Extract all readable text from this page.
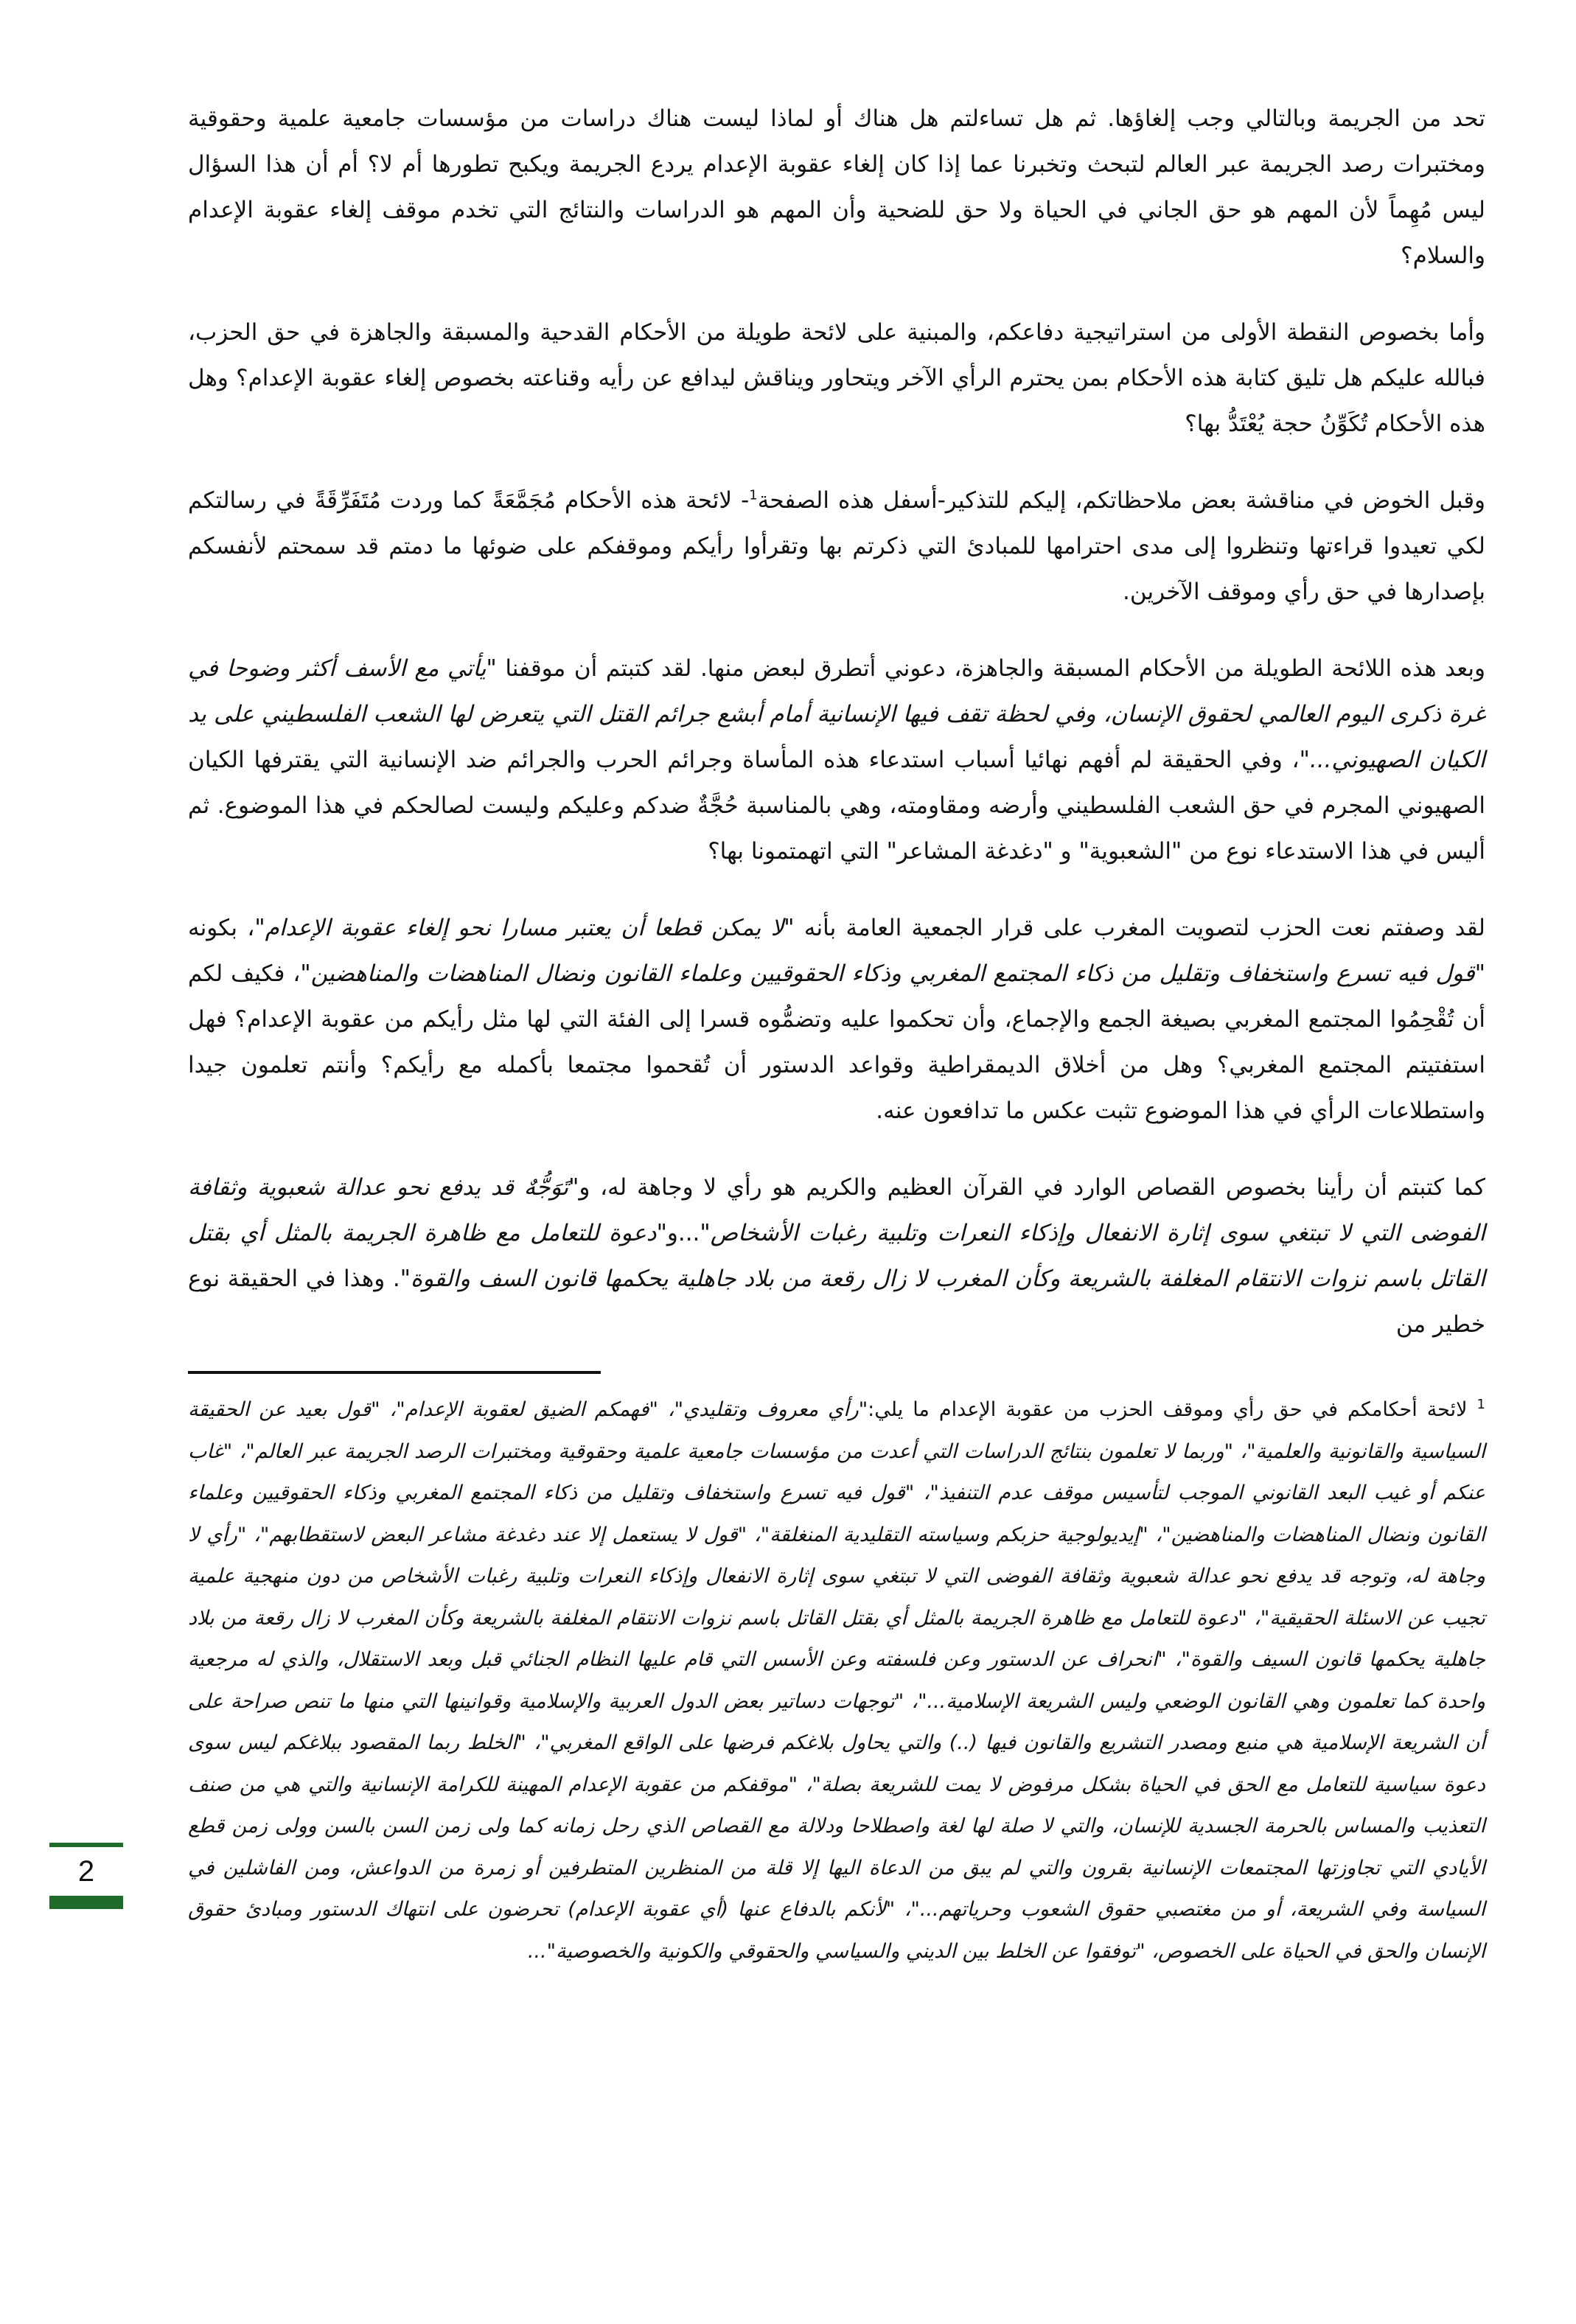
تحد من الجريمة وبالتالي وجب إلغاؤها. ثم هل تساءلتم هل هناك أو لماذا ليست هناك دراسات من مؤسسات جامعية علمية وحقوقية ومختبرات رصد الجريمة عبر العالم لتبحث وتخبرنا عما إذا كان إلغاء عقوبة الإعدام يردع الجريمة ويكبح تطورها أم لا؟ أم أن هذا السؤال ليس مُهِماً لأن المهم هو حق الجاني في الحياة ولا حق للضحية وأن المهم هو الدراسات والنتائج التي تخدم موقف إلغاء عقوبة الإعدام والسلام؟

وأما بخصوص النقطة الأولى من استراتيجية دفاعكم، والمبنية على لائحة طويلة من الأحكام القدحية والمسبقة والجاهزة في حق الحزب، فبالله عليكم هل تليق كتابة هذه الأحكام بمن يحترم الرأي الآخر ويتحاور ويناقش ليدافع عن رأيه وقناعته بخصوص إلغاء عقوبة الإعدام؟ وهل هذه الأحكام تُكَوِّنُ حجة يُعْتَدُّ بها؟

وقبل الخوض في مناقشة بعض ملاحظاتكم، إليكم للتذكير-أسفل هذه الصفحة$^1$- لائحة هذه الأحكام مُجَمَّعَةً كما وردت مُتَفَرِّقَةً في رسالتكم لكي تعيدوا قراءتها وتنظروا إلى مدى احترامها للمبادئ التي ذكرتم بها وتقرأوا رأيكم وموقفكم على ضوئها ما دمتم قد سمحتم لأنفسكم بإصدارها في حق رأي وموقف الآخرين.

وبعد هذه اللائحة الطويلة من الأحكام المسبقة والجاهزة، دعوني أتطرق لبعض منها. لقد كتبتم أن موقفنا "يأتي مع الأسف أكثر وضوحا في غرة ذكرى اليوم العالمي لحقوق الإنسان، وفي لحظة تقف فيها الإنسانية أمام أبشع جرائم القتل التي يتعرض لها الشعب الفلسطيني على يد الكيان الصهيوني..."، وفي الحقيقة لم أفهم نهائيا أسباب استدعاء هذه المأساة وجرائم الحرب والجرائم ضد الإنسانية التي يقترفها الكيان الصهيوني المجرم في حق الشعب الفلسطيني وأرضه ومقاومته، وهي بالمناسبة حُجَّةٌ ضدكم وعليكم وليست لصالحكم في هذا الموضوع. ثم أليس في هذا الاستدعاء نوع من "الشعبوية" و "دغدغة المشاعر" التي اتهمتمونا بها؟

لقد وصفتم نعت الحزب لتصويت المغرب على قرار الجمعية العامة بأنه "لا يمكن قطعا أن يعتبر مسارا نحو إلغاء عقوبة الإعدام"، بكونه "قول فيه تسرع واستخفاف وتقليل من ذكاء المجتمع المغربي وذكاء الحقوقيين وعلماء القانون ونضال المناهضات والمناهضين"، فكيف لكم أن تُقْحِمُوا المجتمع المغربي بصيغة الجمع والإجماع، وأن تحكموا عليه وتضمُّوه قسرا إلى الفئة التي لها مثل رأيكم من عقوبة الإعدام؟ فهل استفتيتم المجتمع المغربي؟ وهل من أخلاق الديمقراطية وقواعد الدستور أن تُقحموا مجتمعا بأكمله مع رأيكم؟ وأنتم تعلمون جيدا واستطلاعات الرأي في هذا الموضوع تثبت عكس ما تدافعون عنه.

كما كتبتم أن رأينا بخصوص القصاص الوارد في القرآن العظيم والكريم هو رأي لا وجاهة له، و"تَوَجُّهٌ قد يدفع نحو عدالة شعبوية وثقافة الفوضى التي لا تبتغي سوى إثارة الانفعال وإذكاء النعرات وتلبية رغبات الأشخاص"...و"دعوة للتعامل مع ظاهرة الجريمة بالمثل أي بقتل القاتل باسم نزوات الانتقام المغلفة بالشريعة وكأن المغرب لا زال رقعة من بلاد جاهلية يحكمها قانون السف والقوة". وهذا في الحقيقة نوع خطير من

$^1$ لائحة أحكامكم في حق رأي وموقف الحزب من عقوبة الإعدام ما يلي:"رأي معروف وتقليدي"، "فهمكم الضيق لعقوبة الإعدام"، "قول بعيد عن الحقيقة السياسية والقانونية والعلمية"، "وربما لا تعلمون بنتائج الدراسات التي أعدت من مؤسسات جامعية علمية وحقوقية ومختبرات الرصد الجريمة عبر العالم"، "غاب عنكم أو غيب البعد القانوني الموجب لتأسيس موقف عدم التنفيذ"، "قول فيه تسرع واستخفاف وتقليل من ذكاء المجتمع المغربي وذكاء الحقوقيين وعلماء القانون ونضال المناهضات والمناهضين"، "إيديولوجية حزبكم وسياسته التقليدية المنغلقة"، "قول لا يستعمل إلا عند دغدغة مشاعر البعض لاستقطابهم"، "رأي لا وجاهة له، وتوجه قد يدفع نحو عدالة شعبوية وثقافة الفوضى التي لا تبتغي سوى إثارة الانفعال وإذكاء النعرات وتلبية رغبات الأشخاص من دون منهجية علمية تجيب عن الاسئلة الحقيقية"، "دعوة للتعامل مع ظاهرة الجريمة بالمثل أي بقتل القاتل باسم نزوات الانتقام المغلفة بالشريعة وكأن المغرب لا زال رقعة من بلاد جاهلية يحكمها قانون السيف والقوة"، "انحراف عن الدستور وعن فلسفته وعن الأسس التي قام عليها النظام الجنائي قبل وبعد الاستقلال، والذي له مرجعية واحدة كما تعلمون وهي القانون الوضعي وليس الشريعة الإسلامية..."، "توجهات دساتير بعض الدول العربية والإسلامية وقوانينها التي منها ما تنص صراحة على أن الشريعة الإسلامية هي منبع ومصدر التشريع والقانون فيها (..) والتي يحاول بلاغكم فرضها على الواقع المغربي"، "الخلط ربما المقصود ببلاغكم ليس سوى دعوة سياسية للتعامل مع الحق في الحياة بشكل مرفوض لا يمت للشريعة بصلة"، "موقفكم من عقوبة الإعدام المهينة للكرامة الإنسانية والتي هي من صنف التعذيب والمساس بالحرمة الجسدية للإنسان، والتي لا صلة لها لغة واصطلاحا ودلالة مع القصاص الذي رحل زمانه كما ولى زمن السن بالسن وولى زمن قطع الأيادي التي تجاوزتها المجتمعات الإنسانية بقرون والتي لم يبق من الدعاة اليها إلا قلة من المنظرين المتطرفين أو زمرة من الدواعش، ومن الفاشلين في السياسة وفي الشريعة، أو من مغتصبي حقوق الشعوب وحرياتهم..."، "لأنكم بالدفاع عنها (أي عقوبة الإعدام) تحرضون على انتهاك الدستور ومبادئ حقوق الإنسان والحق في الحياة على الخصوص، "توفقوا عن الخلط بين الديني والسياسي والحقوقي والكونية والخصوصية"...
2
